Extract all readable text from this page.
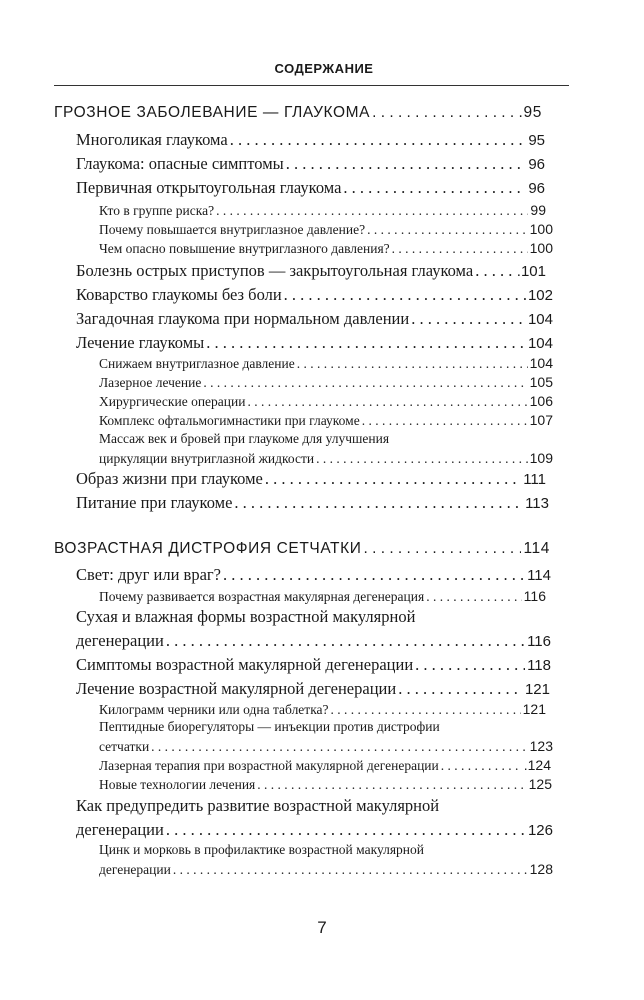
СОДЕРЖАНИЕ
ГРОЗНОЕ ЗАБОЛЕВАНИЕ — ГЛАУКОМА . . .	95
Многоликая глаукома . . .	95
Глаукома: опасные симптомы . . .	96
Первичная открытоугольная глаукома . . .	96
Кто в группе риска? . . .	99
Почему повышается внутриглазное давление? . . .	100
Чем опасно повышение внутриглазного давления? . . .	100
Болезнь острых приступов — закрытоугольная глаукома . . .	.101
Коварство глаукомы без боли . . .	102
Загадочная глаукома при нормальном давлении . . .	104
Лечение глаукомы . . .	104
Снижаем внутриглазное давление . . .	104
Лазерное лечение . . .	105
Хирургические операции . . .	106
Комплекс офтальмогимнастики при глаукоме . . .	107
Массаж век и бровей при глаукоме для улучшения
циркуляции внутриглазной жидкости . . .	109
Образ жизни при глаукоме . . .	111
Питание при глаукоме . . .	113
ВОЗРАСТНАЯ ДИСТРОФИЯ СЕТЧАТКИ . . .	114
Свет: друг или враг? . . .	114
Почему развивается возрастная макулярная дегенерация . . .	116
Сухая и влажная формы возрастной макулярной
дегенерации . . .	116
Симптомы возрастной макулярной дегенерации . . .	118
Лечение возрастной макулярной дегенерации . . .	121
Килограмм черники или одна таблетка? . . .	121
Пептидные биорегуляторы — инъекции против дистрофии
сетчатки . . .	123
Лазерная терапия при возрастной макулярной дегенерации . . .	.124
Новые технологии лечения . . .	125
Как предупредить развитие возрастной макулярной
дегенерации . . .	126
Цинк и морковь в профилактике возрастной макулярной
дегенерации . . .	128
7
